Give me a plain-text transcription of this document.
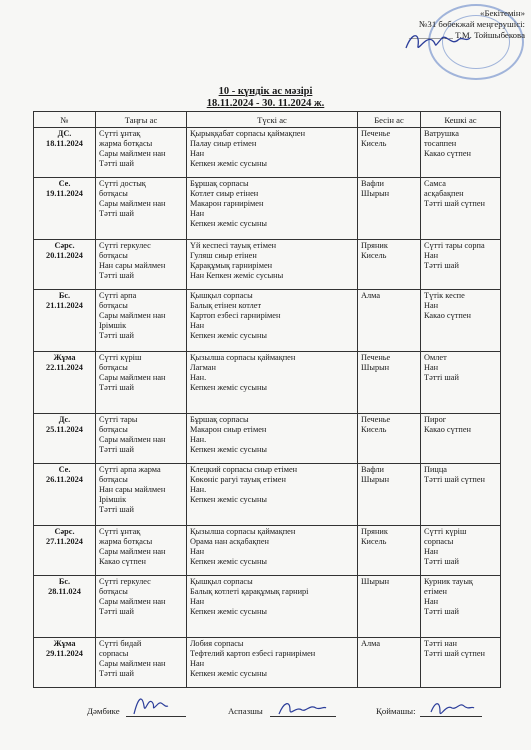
«Бекітемін»
№31 бөбекжай меңгерушісі:
__________ Т.М. Тойшыбекова
10 - күндік ас мәзірі
18.11.2024 - 30. 11.2024 ж.
№	Таңғы ас	Түскі ас	Бесін ас	Кешкі ас

ДС.
18.11.2024	Сүтті ұнтақ
жарма ботқасы
Сары майлмен нан
Тәтті шай	Қырыққабат сорпасы қаймақпен
Палау сиыр етімен
Нан
Кепкен жеміс сусыны	Печенье
Кисель	Ватрушка
тосаппен
Какао сүтпен

Се.
19.11.2024	Сүтті достық
ботқасы
Сары майлмен нан
Тәтті шай	Бұршақ сорпасы
Котлет сиыр етінен
Макарон гарнирімен
Нан
Кепкен жеміс сусыны	Вафли
Шырын	Самса
асқабақпен
Тәтті шай сүтпен

Сәрс.
20.11.2024	Сүтті геркулес
ботқасы
Нан сары майлмен
Тәтті шай	Үй кеспесі тауық етімен
Гуляш сиыр етінен
Қарақұмық гарнирімен
Нан Кепкен жеміс сусыны	Пряник
Кисель	Сүтті тары сорпа
Нан
Тәтті шай

Бс.
21.11.2024	Сүтті арпа
ботқасы
Сары майлмен нан
Ірімшік
Тәтті шай	Қышқыл сорпасы
Балық етінен котлет
Картоп езбесі гарнирімен
Нан
Кепкен жеміс сусыны	Алма	Түтік кеспе
Нан
Какао сүтпен

Жұма
22.11.2024	Сүтті күріш
ботқасы
Сары майлмен нан
Тәтті шай	Қызылша сорпасы қаймақпен
Лагман
Нан.
Кепкен жеміс сусыны	Печенье
Шырын	Омлет
Нан
Тәтті шай

Дс.
25.11.2024	Сүтті тары
ботқасы
Сары майлмен нан
Тәтті шай	Бұршақ сорпасы
Макарон сиыр етімен
Нан.
Кепкен жеміс сусыны	Печенье
Кисель	Пирог
Какао сүтпен

Се.
26.11.2024	Сүтті арпа жарма
ботқасы
Нан сары майлмен
Ірімшік
Тәтті шай	Клецкий сорпасы сиыр етімен
Көкөніс рагуі тауық етімен
Нан.
Кепкен жеміс сусыны	Вафли
Шырын	Пицца
Тәтті шай сүтпен

Сәрс.
27.11.2024	Сүтті ұнтақ
жарма ботқасы
Сары майлмен нан
Какао сүтпен	Қызылша сорпасы қаймақпен
Орама нан асқабақпен
Нан
Кепкен жеміс сусыны	Пряник
Кисель	Сүтті күріш
сорпасы
Нан
Тәтті шай

Бс.
28.11.024	Сүтті геркулес
ботқасы
Сары майлмен нан
Тәтті шай	Қышқыл сорпасы
Балық котлеті қарақұмық гарнирі
Нан
Кепкен жеміс сусыны	Шырын	Курник тауық
етімен
Нан
Тәтті шай

Жұма
29.11.2024	Сүтті бидай
сорпасы
Сары майлмен нан
Тәтті шай	Лобия сорпасы
Тефтелий картоп езбесі гарнирімен
Нан
Кепкен жеміс сусыны	Алма	Тәтті нан
Тәтті шай сүтпен
Дәмбике	Аспазшы	Қоймашы:
